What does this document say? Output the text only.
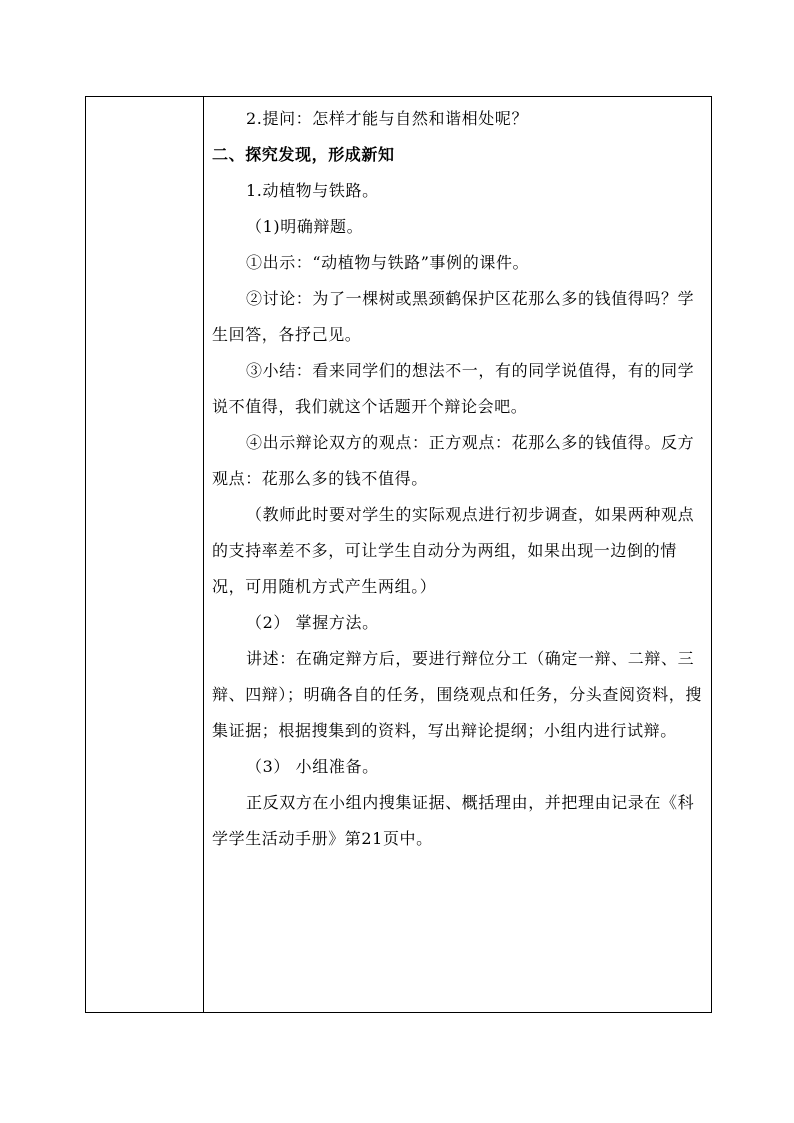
2.提问：怎样才能与自然和谐相处呢？

二、探究发现，形成新知

1.动植物与铁路。

（1)明确辩题。

①出示：“动植物与铁路”事例的课件。

②讨论：为了一棵树或黑颈鹤保护区花那么多的钱值得吗？学生回答，各抒己见。

③小结：看来同学们的想法不一，有的同学说值得，有的同学说不值得，我们就这个话题开个辩论会吧。

④出示辩论双方的观点：正方观点：花那么多的钱值得。反方观点：花那么多的钱不值得。

（教师此时要对学生的实际观点进行初步调查，如果两种观点的支持率差不多，可让学生自动分为两组，如果出现一边倒的情况，可用随机方式产生两组。）

（2） 掌握方法。

讲述：在确定辩方后，要进行辩位分工（确定一辩、二辩、三辩、四辩）；明确各自的任务，围绕观点和任务，分头查阅资料，搜集证据；根据搜集到的资料，写出辩论提纲；小组内进行试辩。

（3） 小组准备。

正反双方在小组内搜集证据、概括理由，并把理由记录在《科学学生活动手册》第21页中。
